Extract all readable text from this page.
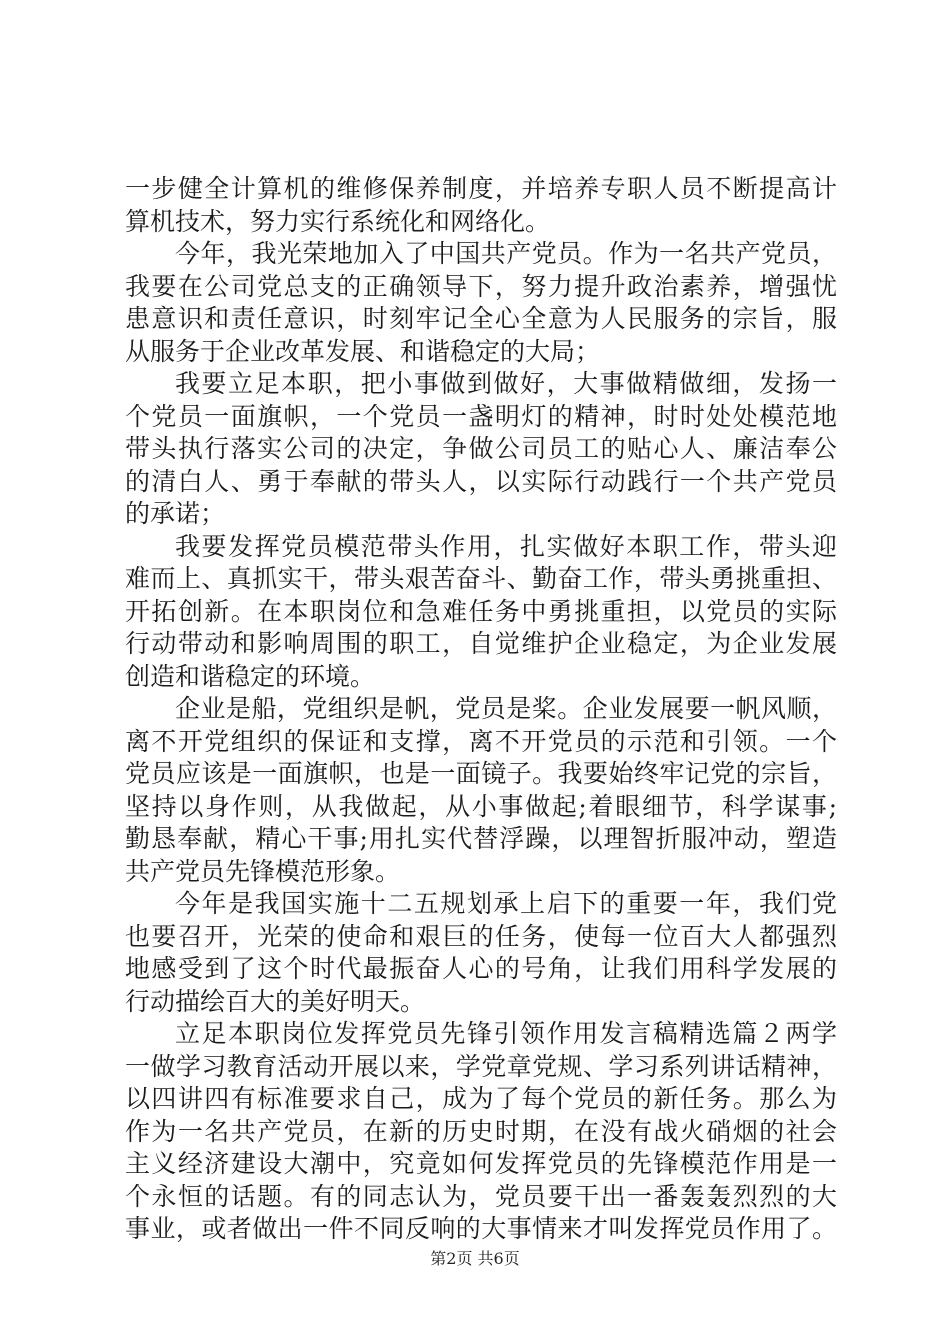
一步健全计算机的维修保养制度，并培养专职人员不断提高计
算机技术，努力实行系统化和网络化。
今年，我光荣地加入了中国共产党员。作为一名共产党员，
我要在公司党总支的正确领导下，努力提升政治素养，增强忧
患意识和责任意识，时刻牢记全心全意为人民服务的宗旨，服
从服务于企业改革发展、和谐稳定的大局；
我要立足本职，把小事做到做好，大事做精做细，发扬一
个党员一面旗帜，一个党员一盏明灯的精神，时时处处模范地
带头执行落实公司的决定，争做公司员工的贴心人、廉洁奉公
的清白人、勇于奉献的带头人，以实际行动践行一个共产党员
的承诺；
我要发挥党员模范带头作用，扎实做好本职工作，带头迎
难而上、真抓实干，带头艰苦奋斗、勤奋工作，带头勇挑重担、
开拓创新。在本职岗位和急难任务中勇挑重担，以党员的实际
行动带动和影响周围的职工，自觉维护企业稳定，为企业发展
创造和谐稳定的环境。
企业是船，党组织是帆，党员是桨。企业发展要一帆风顺，
离不开党组织的保证和支撑，离不开党员的示范和引领。一个
党员应该是一面旗帜，也是一面镜子。我要始终牢记党的宗旨，
坚持以身作则，从我做起，从小事做起;着眼细节，科学谋事;
勤恳奉献，精心干事;用扎实代替浮躁，以理智折服冲动，塑造
共产党员先锋模范形象。
今年是我国实施十二五规划承上启下的重要一年，我们党
也要召开，光荣的使命和艰巨的任务，使每一位百大人都强烈
地感受到了这个时代最振奋人心的号角，让我们用科学发展的
行动描绘百大的美好明天。
立足本职岗位发挥党员先锋引领作用发言稿精选篇２两学
一做学习教育活动开展以来，学党章党规、学习系列讲话精神，
以四讲四有标准要求自己，成为了每个党员的新任务。那么为
作为一名共产党员，在新的历史时期，在没有战火硝烟的社会
主义经济建设大潮中，究竟如何发挥党员的先锋模范作用是一
个永恒的话题。有的同志认为，党员要干出一番轰轰烈烈的大
事业，或者做出一件不同反响的大事情来才叫发挥党员作用了。
第2页 共6页
